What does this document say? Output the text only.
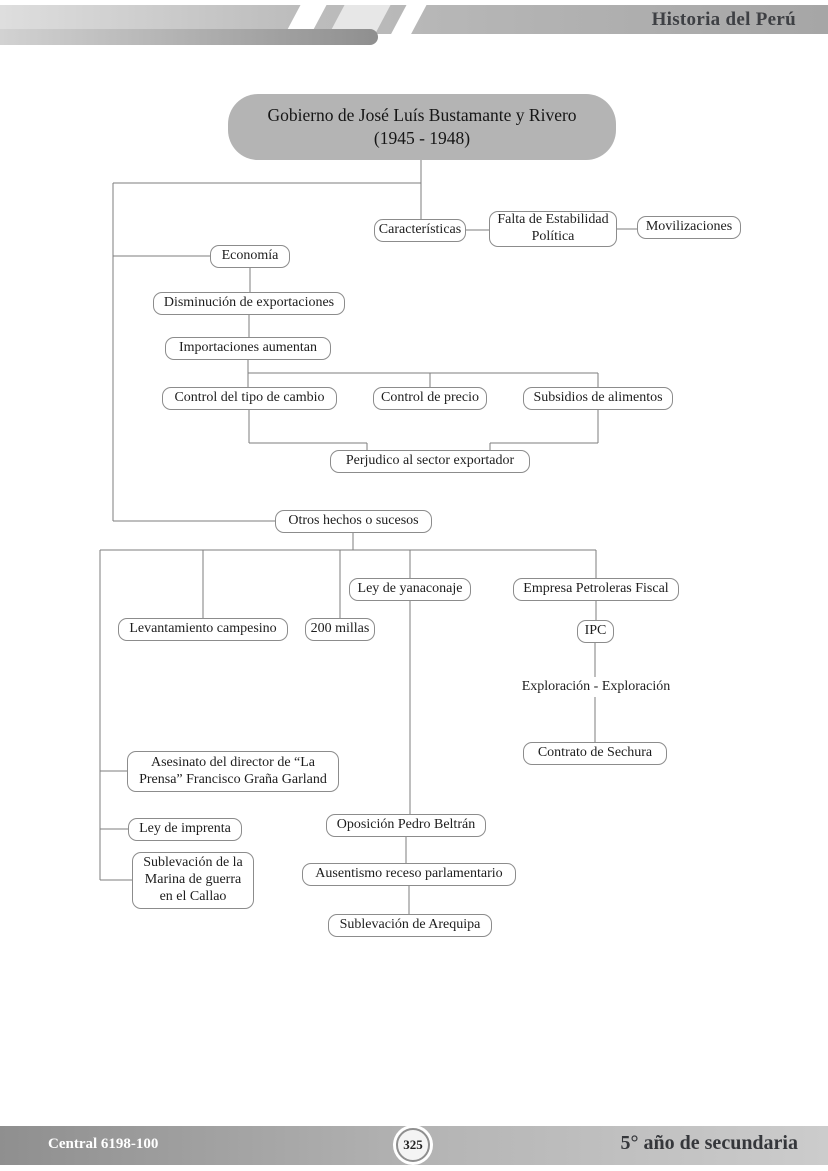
Historia del Perú
Gobierno de José Luís Bustamante y Rivero
(1945 - 1948)
Características
Falta de Estabilidad Política
Movilizaciones
Economía
Disminución de exportaciones
Importaciones aumentan
Control del tipo de cambio	Control de precio	Subsidios de alimentos
Perjudico al sector exportador
Otros hechos o sucesos
Ley de yanaconaje	Empresa Petroleras Fiscal
Levantamiento campesino	200 millas	IPC
Exploración - Exploración
Contrato de Sechura
Asesinato del director de “La Prensa” Francisco Graña Garland
Ley de imprenta
Sublevación de la Marina de guerra en el Callao
Oposición Pedro Beltrán
Ausentismo receso parlamentario
Sublevación de Arequipa
Central 6198-100	325	5° año de secundaria
